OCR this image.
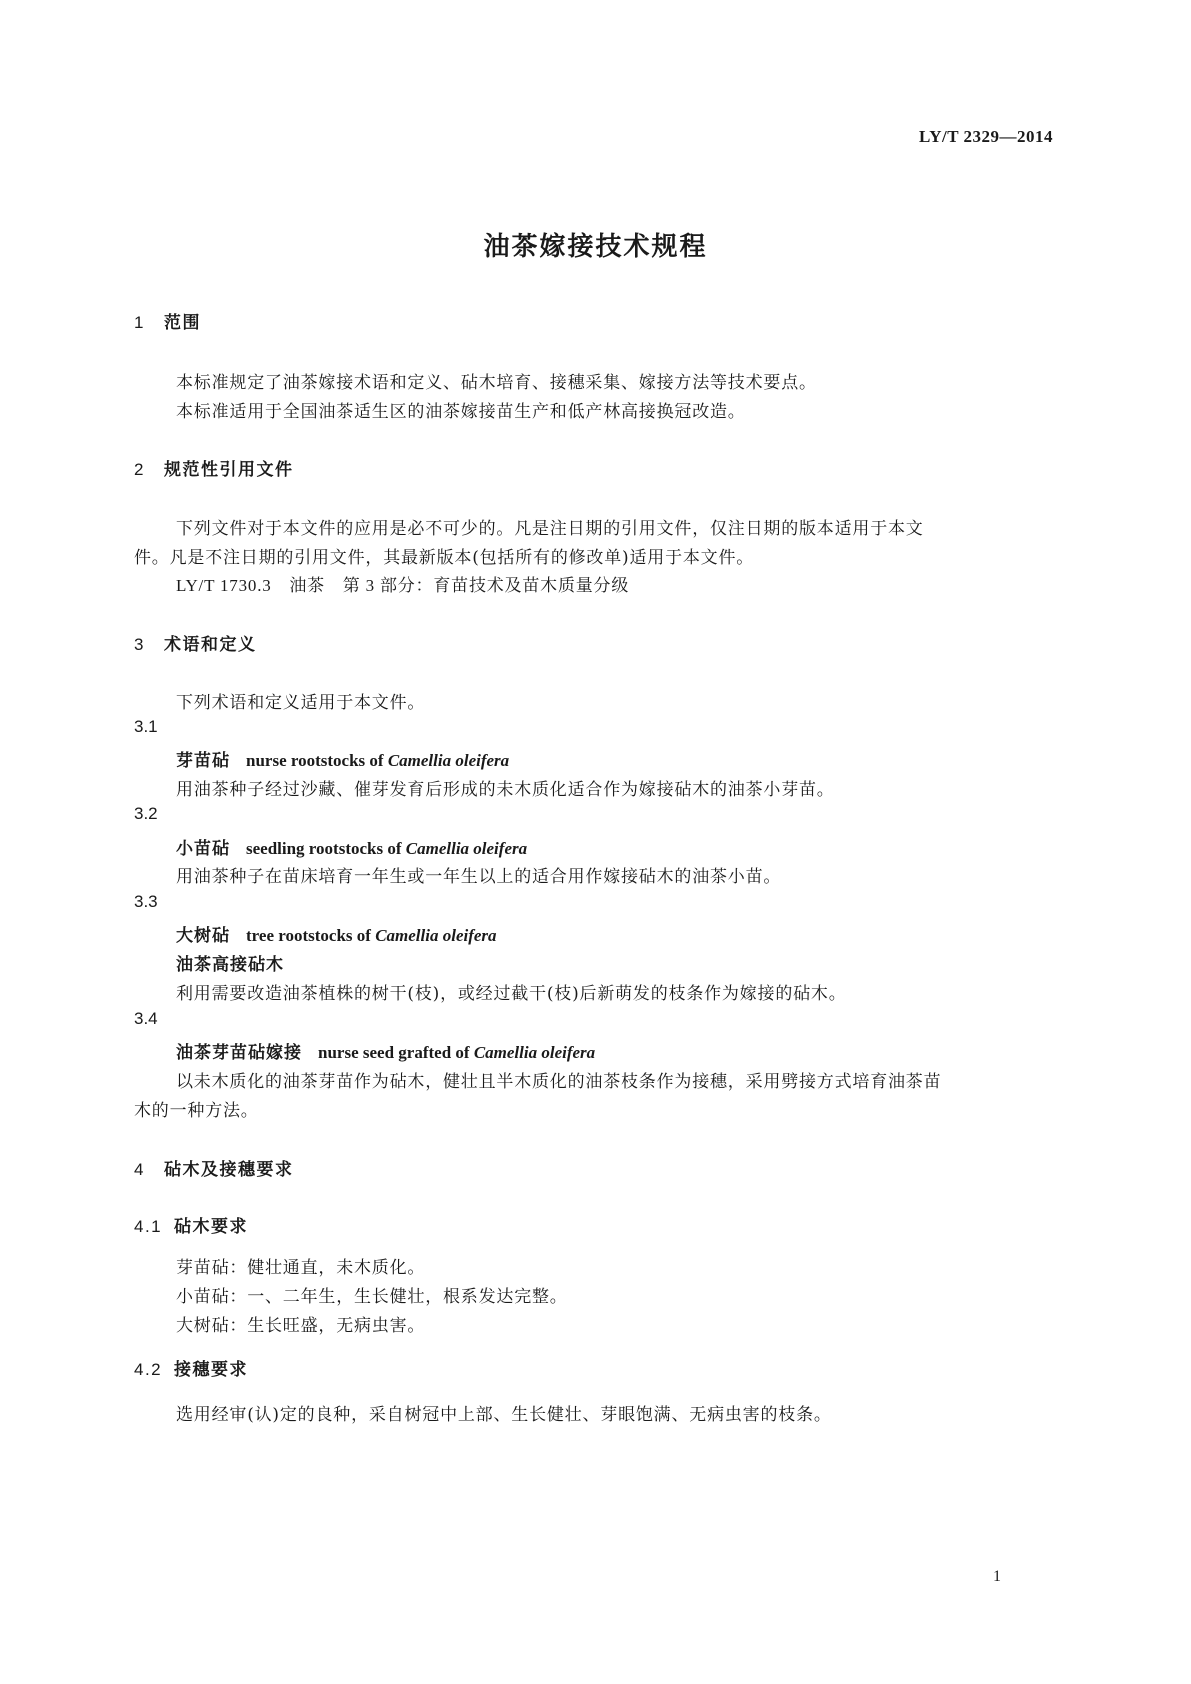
LY/T 2329—2014
油茶嫁接技术规程
1 范围
本标准规定了油茶嫁接术语和定义、砧木培育、接穗采集、嫁接方法等技术要点。
本标准适用于全国油茶适生区的油茶嫁接苗生产和低产林高接换冠改造。
2 规范性引用文件
下列文件对于本文件的应用是必不可少的。凡是注日期的引用文件，仅注日期的版本适用于本文
件。凡是不注日期的引用文件，其最新版本(包括所有的修改单)适用于本文件。
LY/T 1730.3　油茶　第 3 部分：育苗技术及苗木质量分级
3 术语和定义
下列术语和定义适用于本文件。
3.1
芽苗砧 nurse rootstocks of Camellia oleifera
用油茶种子经过沙藏、催芽发育后形成的未木质化适合作为嫁接砧木的油茶小芽苗。
3.2
小苗砧 seedling rootstocks of Camellia oleifera
用油茶种子在苗床培育一年生或一年生以上的适合用作嫁接砧木的油茶小苗。
3.3
大树砧 tree rootstocks of Camellia oleifera
油茶高接砧木
利用需要改造油茶植株的树干(枝)，或经过截干(枝)后新萌发的枝条作为嫁接的砧木。
3.4
油茶芽苗砧嫁接 nurse seed grafted of Camellia oleifera
以未木质化的油茶芽苗作为砧木，健壮且半木质化的油茶枝条作为接穗，采用劈接方式培育油茶苗
木的一种方法。
4 砧木及接穗要求
4.1 砧木要求
芽苗砧：健壮通直，未木质化。
小苗砧：一、二年生，生长健壮，根系发达完整。
大树砧：生长旺盛，无病虫害。
4.2 接穗要求
选用经审(认)定的良种，采自树冠中上部、生长健壮、芽眼饱满、无病虫害的枝条。
1
